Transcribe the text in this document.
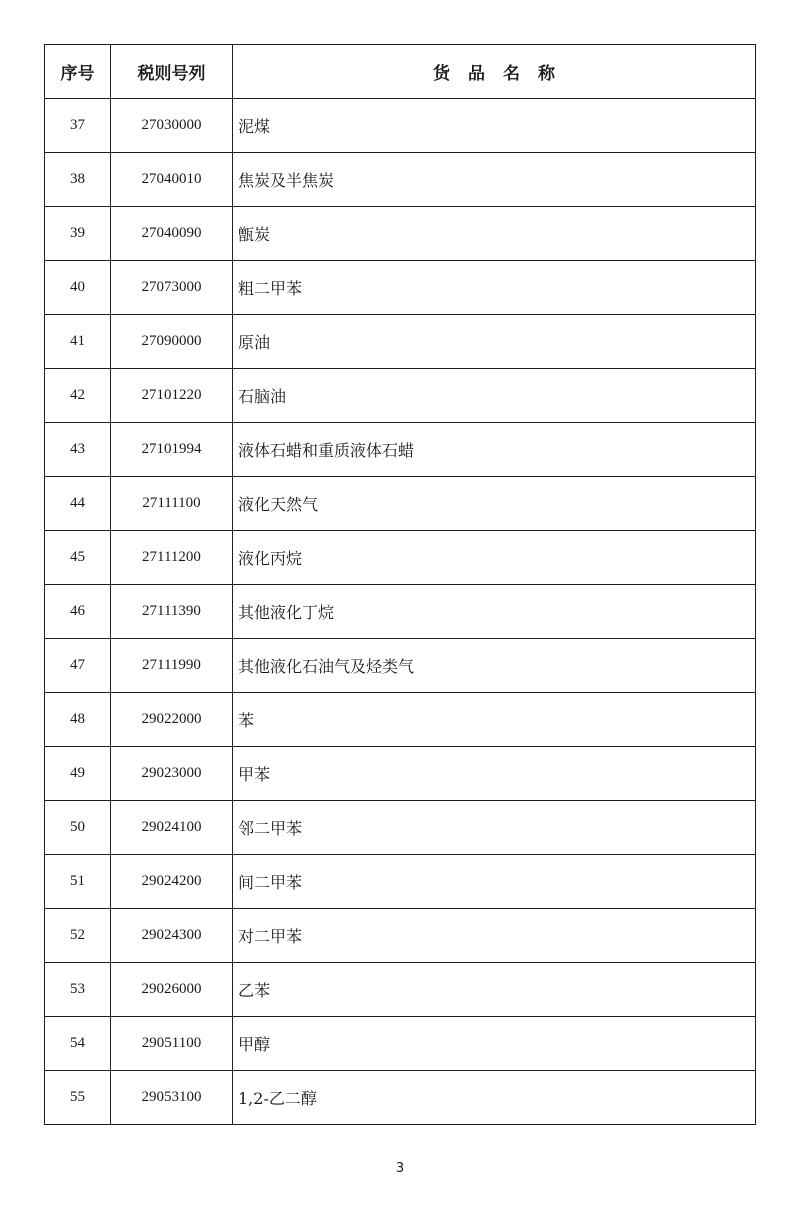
序号	税则号列	货品名称
37	27030000	泥煤
38	27040010	焦炭及半焦炭
39	27040090	甑炭
40	27073000	粗二甲苯
41	27090000	原油
42	27101220	石脑油
43	27101994	液体石蜡和重质液体石蜡
44	27111100	液化天然气
45	27111200	液化丙烷
46	27111390	其他液化丁烷
47	27111990	其他液化石油气及烃类气
48	29022000	苯
49	29023000	甲苯
50	29024100	邻二甲苯
51	29024200	间二甲苯
52	29024300	对二甲苯
53	29026000	乙苯
54	29051100	甲醇
55	29053100	1,2-乙二醇
3
